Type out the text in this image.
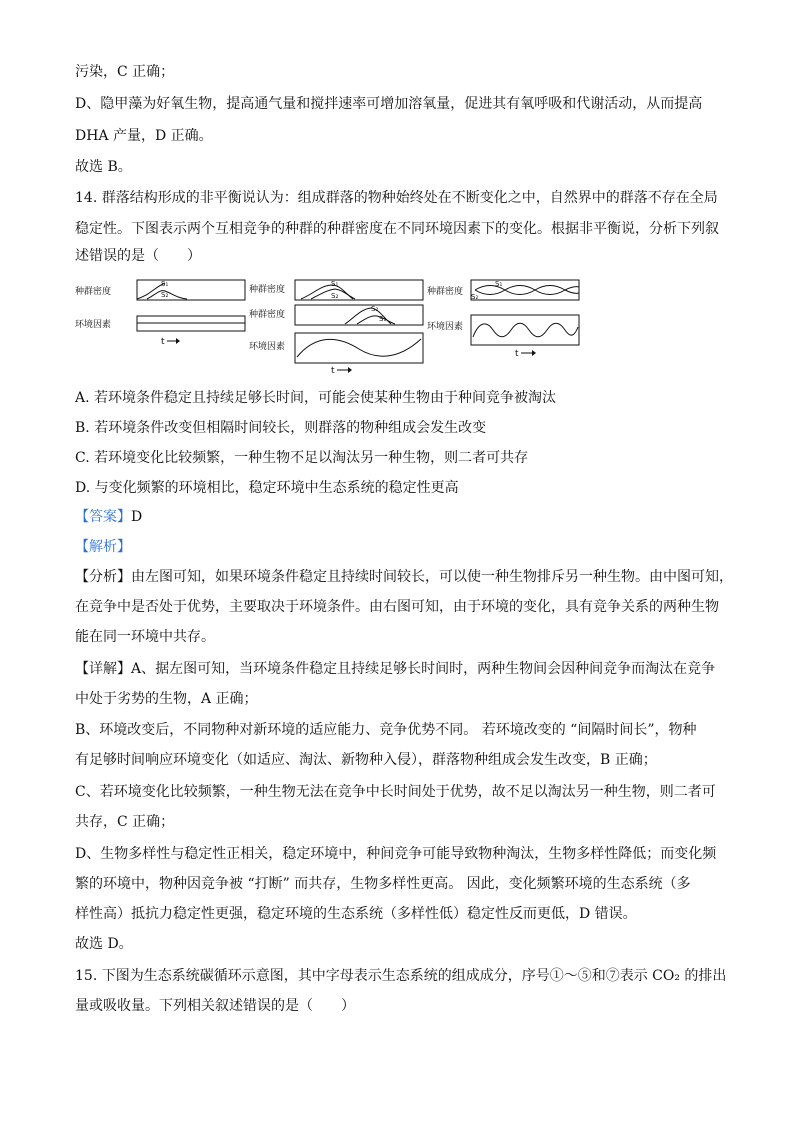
污染，C 正确；
D、隐甲藻为好氧生物，提高通气量和搅拌速率可增加溶氧量，促进其有氧呼吸和代谢活动，从而提高
DHA 产量，D 正确。
故选 B。
14. 群落结构形成的非平衡说认为：组成群落的物种始终处在不断变化之中，自然界中的群落不存在全局
稳定性。下图表示两个互相竞争的种群的种群密度在不同环境因素下的变化。根据非平衡说，分析下列叙
述错误的是（　　）
种群密度
S₁
S₂
环境因素
t
种群密度
S₁
S₂
种群密度
S₂
S₁
环境因素
t
种群密度
S₁
S₂
环境因素
t
A. 若环境条件稳定且持续足够长时间，可能会使某种生物由于种间竞争被淘汰
B. 若环境条件改变但相隔时间较长，则群落的物种组成会发生改变
C. 若环境变化比较频繁，一种生物不足以淘汰另一种生物，则二者可共存
D. 与变化频繁的环境相比，稳定环境中生态系统的稳定性更高
【答案】D
【解析】
【分析】由左图可知，如果环境条件稳定且持续时间较长，可以使一种生物排斥另一种生物。由中图可知，
在竞争中是否处于优势，主要取决于环境条件。由右图可知，由于环境的变化，具有竞争关系的两种生物
能在同一环境中共存。
【详解】A、据左图可知，当环境条件稳定且持续足够长时间时，两种生物间会因种间竞争而淘汰在竞争
中处于劣势的生物，A 正确；
B、环境改变后，不同物种对新环境的适应能力、竞争优势不同。 若环境改变的 “间隔时间长”，物种
有足够时间响应环境变化（如适应、淘汰、新物种入侵），群落物种组成会发生改变，B 正确；
C、若环境变化比较频繁，一种生物无法在竞争中长时间处于优势，故不足以淘汰另一种生物，则二者可
共存，C 正确；
D、生物多样性与稳定性正相关，稳定环境中，种间竞争可能导致物种淘汰，生物多样性降低；而变化频
繁的环境中，物种因竞争被 “打断” 而共存，生物多样性更高。 因此，变化频繁环境的生态系统（多
样性高）抵抗力稳定性更强，稳定环境的生态系统（多样性低）稳定性反而更低，D 错误。
故选 D。
15. 下图为生态系统碳循环示意图，其中字母表示生态系统的组成成分，序号①～⑤和⑦表示 CO₂ 的排出
量或吸收量。下列相关叙述错误的是（　　）
